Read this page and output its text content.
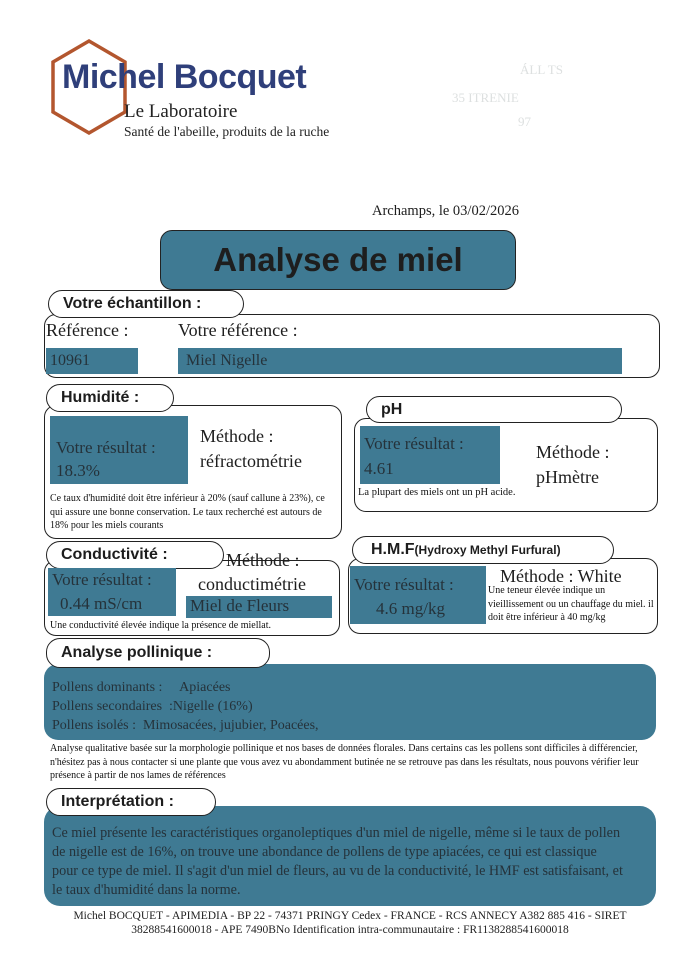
Michel Bocquet
Le Laboratoire
Santé de l'abeille, produits de la ruche
ÁLL TS
35 ITRENIE
97
Archamps, le 03/02/2026
Analyse de miel
Votre échantillon :
Référence :	Votre référence :
10961	Miel Nigelle
Humidité :
Votre résultat :
18.3%
Méthode :
réfractométrie
Ce taux d'humidité doit être inférieur à 20% (sauf callune à 23%), ce qui assure une bonne conservation. Le taux recherché est autours de 18% pour les miels courants
pH
Votre résultat :
4.61
Méthode :
pHmètre
La plupart des miels ont un pH acide.
Conductivité :	Méthode :
Votre résultat :
0.44 mS/cm
conductimétrie
Miel de Fleurs
Une conductivité élevée indique la présence de miellat.
H.M.F (Hydroxy Methyl Furfural)
Votre résultat :
4.6 mg/kg
Méthode : White
Une teneur élevée indique un vieillissement ou un chauffage du miel. il doit être inférieur à 40 mg/kg
Analyse pollinique :
Pollens dominants :     Apiacées
Pollens secondaires  :Nigelle (16%)
Pollens isolés :  Mimosacées, jujubier, Poacées,
Analyse qualitative basée sur la morphologie pollinique et nos bases de données florales. Dans certains cas les pollens sont difficiles à différencier, n'hésitez pas à nous contacter si une plante que vous avez vu abondamment butinée ne se retrouve pas dans les résultats, nous pouvons vérifier leur présence à partir de nos lames de références
Interprétation :
Ce miel présente les caractéristiques organoleptiques d'un miel de nigelle, même si le taux de pollen de nigelle est de 16%, on trouve une abondance de pollens de type apiacées, ce qui est classique pour ce type de miel. Il s'agit d'un miel de fleurs, au vu de la conductivité, le HMF est satisfaisant, et le taux d'humidité dans la norme.
Michel BOCQUET - APIMEDIA - BP 22 - 74371 PRINGY Cedex - FRANCE - RCS ANNECY A382 885 416 - SIRET
38288541600018 - APE 7490BNo Identification intra-communautaire : FR1138288541600018
